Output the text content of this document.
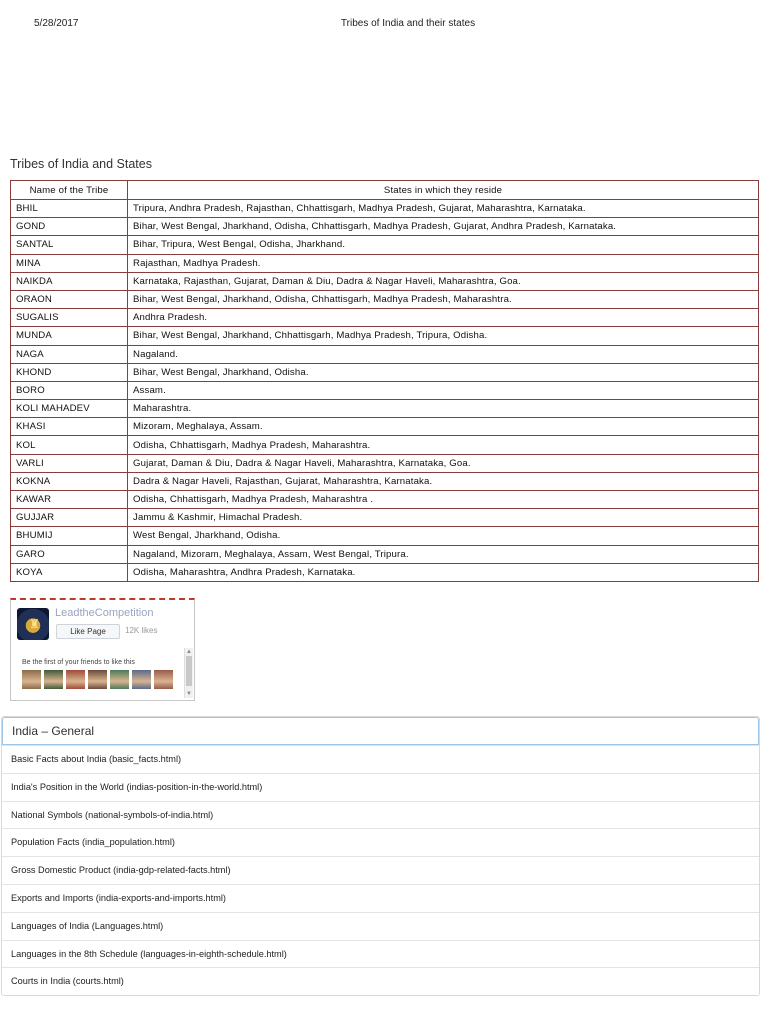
5/28/2017	Tribes of India and their states
Tribes of India and States
Name of the Tribe	States in which they reside
BHIL	Tripura, Andhra Pradesh, Rajasthan, Chhattisgarh, Madhya Pradesh, Gujarat, Maharashtra, Karnataka.
GOND	Bihar, West Bengal, Jharkhand, Odisha, Chhattisgarh, Madhya Pradesh, Gujarat, Andhra Pradesh, Karnataka.
SANTAL	Bihar, Tripura, West Bengal, Odisha, Jharkhand.
MINA	Rajasthan, Madhya Pradesh.
NAIKDA	Karnataka, Rajasthan, Gujarat, Daman & Diu, Dadra & Nagar Haveli, Maharashtra, Goa.
ORAON	Bihar, West Bengal, Jharkhand, Odisha, Chhattisgarh, Madhya Pradesh, Maharashtra.
SUGALIS	Andhra Pradesh.
MUNDA	Bihar, West Bengal, Jharkhand, Chhattisgarh, Madhya Pradesh, Tripura, Odisha.
NAGA	Nagaland.
KHOND	Bihar, West Bengal, Jharkhand, Odisha.
BORO	Assam.
KOLI MAHADEV	Maharashtra.
KHASI	Mizoram, Meghalaya, Assam.
KOL	Odisha, Chhattisgarh, Madhya Pradesh, Maharashtra.
VARLI	Gujarat, Daman & Diu, Dadra & Nagar Haveli, Maharashtra, Karnataka, Goa.
KOKNA	Dadra & Nagar Haveli, Rajasthan, Gujarat, Maharashtra, Karnataka.
KAWAR	Odisha, Chhattisgarh, Madhya Pradesh, Maharashtra .
GUJJAR	Jammu & Kashmir, Himachal Pradesh.
BHUMIJ	West Bengal, Jharkhand, Odisha.
GARO	Nagaland, Mizoram, Meghalaya, Assam, West Bengal, Tripura.
KOYA	Odisha, Maharashtra, Andhra Pradesh, Karnataka.
♜
LeadtheCompetition
Like Page	12K likes
Be the first of your friends to like this
▲
▼
India – General
Basic Facts about India (basic_facts.html)
India's Position in the World (indias-position-in-the-world.html)
National Symbols (national-symbols-of-india.html)
Population Facts (india_population.html)
Gross Domestic Product (india-gdp-related-facts.html)
Exports and Imports (india-exports-and-imports.html)
Languages of India (Languages.html)
Languages in the 8th Schedule (languages-in-eighth-schedule.html)
Courts in India (courts.html)
